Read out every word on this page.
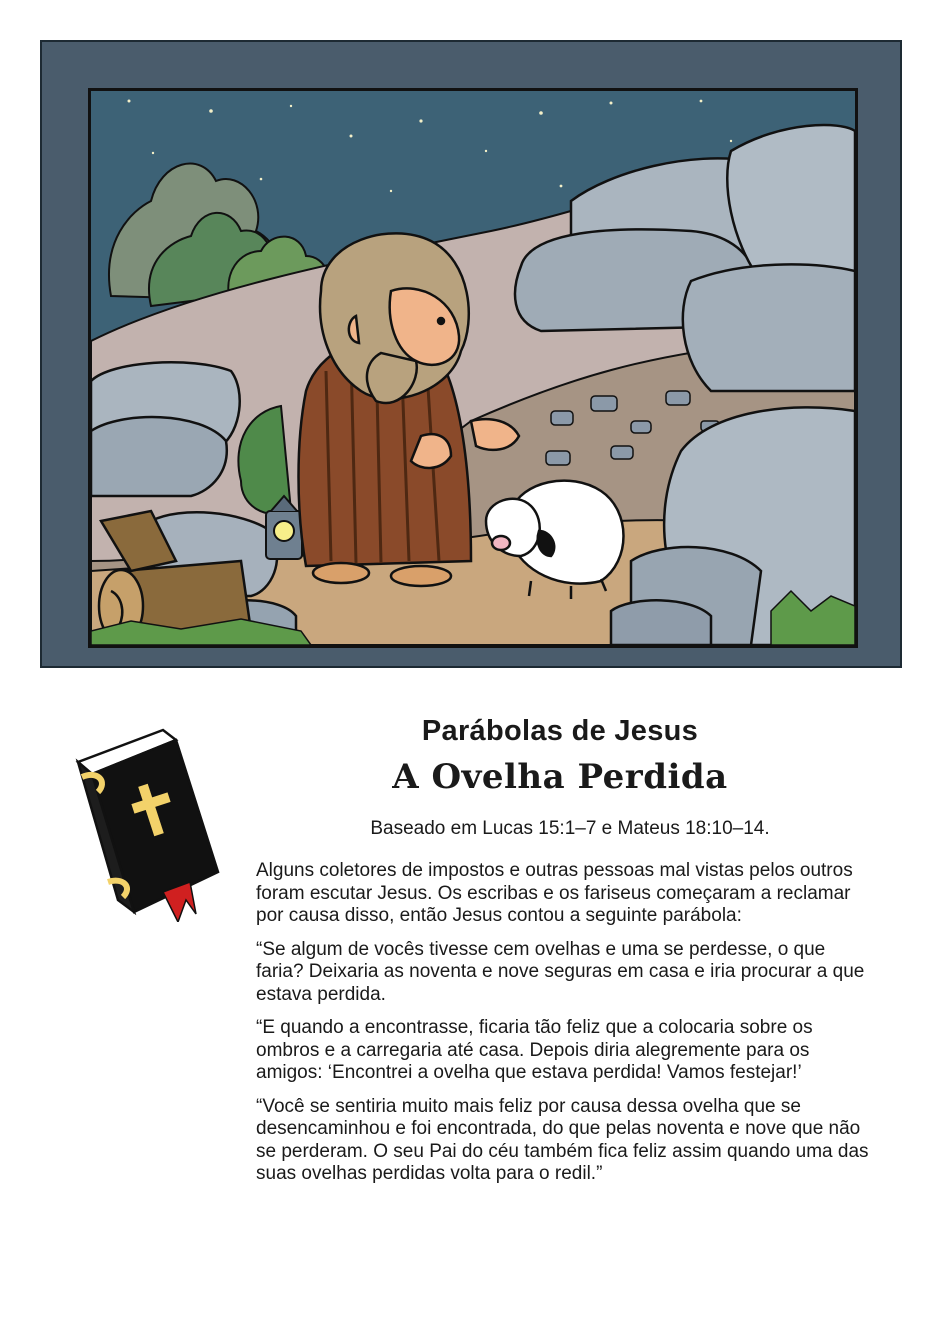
Parábolas de Jesus
A Ovelha Perdida
Baseado em Lucas 15:1–7 e Mateus 18:10–14.

Alguns coletores de impostos e outras pessoas mal vistas pelos outros foram escutar Jesus. Os escribas e os fariseus começaram a reclamar por causa disso, então Jesus contou a seguinte parábola:

“Se algum de vocês tivesse cem ovelhas e uma se perdesse, o que faria? Deixaria as noventa e nove seguras em casa e iria procurar a que estava perdida.

“E quando a encontrasse, ficaria tão feliz que a colocaria sobre os ombros e a carregaria até casa. Depois diria alegremente para os amigos: ‘Encontrei a ovelha que estava perdida! Vamos festejar!’

“Você se sentiria muito mais feliz por causa dessa ovelha que se desencaminhou e foi encontrada, do que pelas noventa e nove que não se perderam. O seu Pai do céu também fica feliz assim quando uma das suas ovelhas perdidas volta para o redil.”
